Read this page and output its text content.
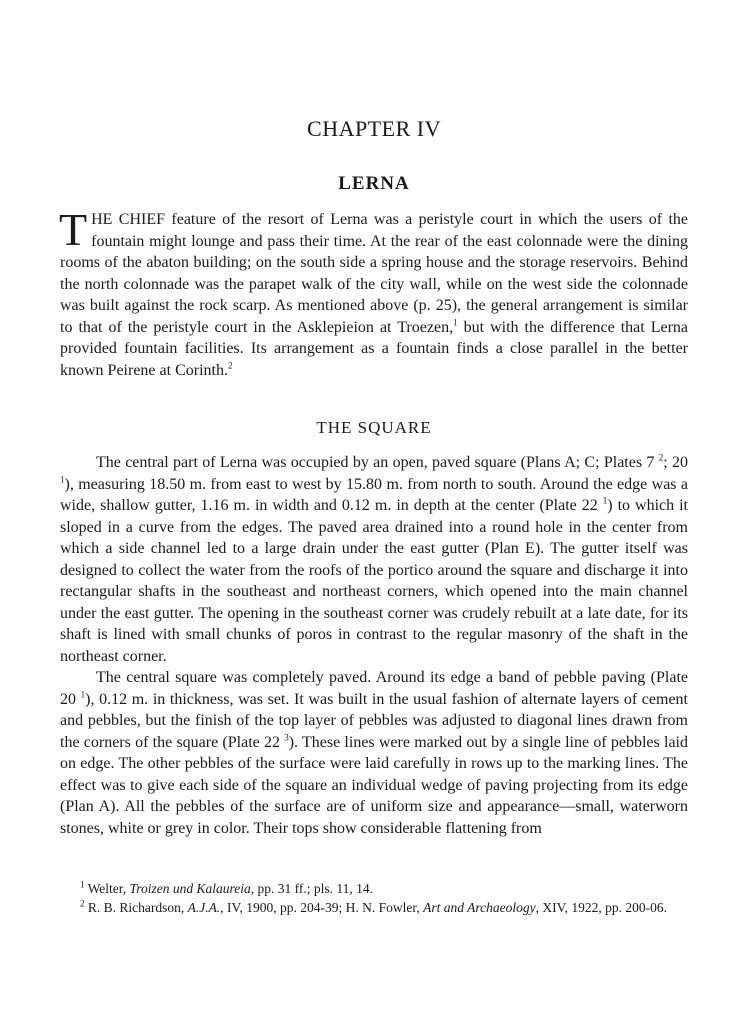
CHAPTER IV
LERNA

THE CHIEF feature of the resort of Lerna was a peristyle court in which the users of the fountain might lounge and pass their time. At the rear of the east colonnade were the dining rooms of the abaton building; on the south side a spring house and the storage reservoirs. Behind the north colonnade was the parapet walk of the city wall, while on the west side the colonnade was built against the rock scarp. As mentioned above (p. 25), the general arrangement is similar to that of the peristyle court in the Asklepieion at Troezen,$^1$ but with the difference that Lerna provided fountain facilities. Its arrangement as a fountain finds a close parallel in the better known Peirene at Corinth.$^2$

THE SQUARE

The central part of Lerna was occupied by an open, paved square (Plans A; C; Plates 7 $^2$; 20 $^1$), measuring 18.50 m. from east to west by 15.80 m. from north to south. Around the edge was a wide, shallow gutter, 1.16 m. in width and 0.12 m. in depth at the center (Plate 22 $^1$) to which it sloped in a curve from the edges. The paved area drained into a round hole in the center from which a side channel led to a large drain under the east gutter (Plan E). The gutter itself was designed to collect the water from the roofs of the portico around the square and discharge it into rectangular shafts in the southeast and northeast corners, which opened into the main channel under the east gutter. The opening in the southeast corner was crudely rebuilt at a late date, for its shaft is lined with small chunks of poros in contrast to the regular masonry of the shaft in the northeast corner.

The central square was completely paved. Around its edge a band of pebble paving (Plate 20 $^1$), 0.12 m. in thickness, was set. It was built in the usual fashion of alternate layers of cement and pebbles, but the finish of the top layer of pebbles was adjusted to diagonal lines drawn from the corners of the square (Plate 22 $^3$). These lines were marked out by a single line of pebbles laid on edge. The other pebbles of the surface were laid carefully in rows up to the marking lines. The effect was to give each side of the square an individual wedge of paving projecting from its edge (Plan A). All the pebbles of the surface are of uniform size and appearance—small, waterworn stones, white or grey in color. Their tops show considerable flattening from

$^1$ Welter, Troizen und Kalaureia, pp. 31 ff.; pls. 11, 14.

$^2$ R. B. Richardson, A.J.A., IV, 1900, pp. 204-39; H. N. Fowler, Art and Archaeology, XIV, 1922, pp. 200-06.
